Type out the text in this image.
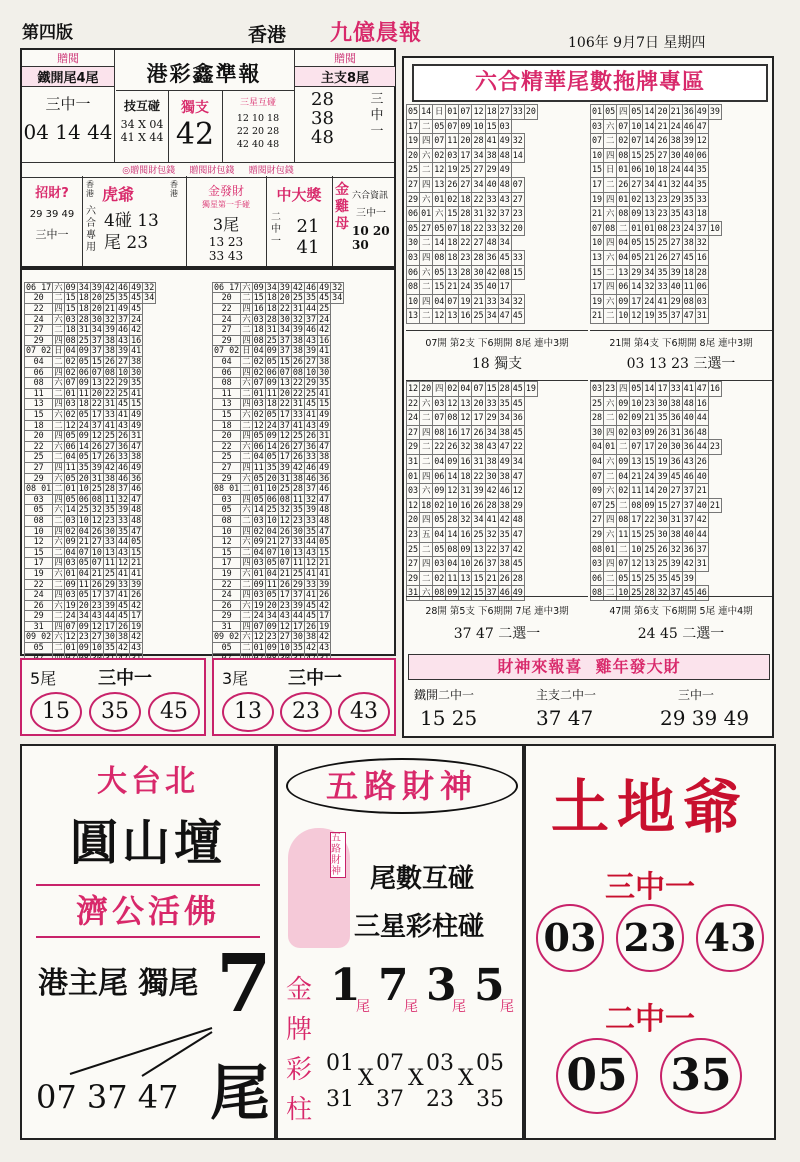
第四版	香港 九億晨報	106年 9月7日 星期四
贈閱
鐵開尾4尾
三中一
04 14 44
港彩鑫準報
技互碰
34 X 04
41 X 44
獨支
42
三星互碰
12 10 18
22 20 28
42 40 48
贈閱
主支8尾
28
38
48
三中一
◎贈閱財包錢     贈閱財包錢     贈閱財包錢
招財?
29 39 49
三中一
香港 虎爺
香港
六合專用
4碰 13
尾 23
金發財
獨星第一手碰
3尾
13 23
33 43
中大獎
二中一
21 41
金雞母
六合資訊
三中一
10 20 30

06 17	六	09	34	39	42	46	49	32
20	二	15	18	20	25	35	45	34
22	四	15	18	20	21	49	45	
24	六	03	28	30	32	37	24	
27	二	18	31	34	39	46	42	
29	四	08	25	37	38	43	16	
07 02	日	04	09	37	38	39	41	
04	二	02	05	15	26	27	38	
06	四	02	06	07	08	10	30	
08	六	07	09	13	22	29	35	
11	二	01	11	20	22	25	41	
13	四	03	18	22	31	45	15	
15	六	02	05	17	33	41	49	
18	二	12	24	37	41	43	49	
20	四	05	09	12	25	26	31	
22	六	06	14	26	27	36	47	
25	二	04	05	17	26	33	38	
27	四	11	35	39	42	46	49	
29	六	05	20	31	38	46	36	
08 01	二	01	10	25	28	37	46	
03	四	05	06	08	11	32	47	
05	六	14	25	32	35	39	48	
08	二	03	10	12	23	33	48	
10	四	02	04	26	30	35	47	
12	六	09	21	27	33	44	05	
15	二	04	07	10	13	43	15	
17	四	03	05	07	11	12	21	
19	六	01	04	21	25	41	41	
22	二	09	11	26	29	33	39	
24	四	03	05	17	37	41	26	
26	六	19	20	23	39	45	42	
29	二	24	34	43	44	45	17	
31	四	07	09	12	17	26	19	
09 02	六	12	23	27	30	38	42	
05	二	01	09	10	35	42	43	

06 17	六	09	34	39	42	46	49	32
20	二	15	18	20	25	35	45	34
22	四	16	18	22	31	44	25	
24	六	03	28	30	32	37	24	
27	二	18	31	34	39	46	42	
29	四	08	25	37	38	43	16	
07 02	日	04	09	37	38	39	41	
04	二	02	05	15	26	27	38	
06	四	02	06	07	08	10	30	
08	六	07	09	13	22	29	35	
11	二	01	11	20	22	25	41	
13	四	03	18	22	31	45	15	
15	六	02	05	17	33	41	49	
18	二	12	24	37	41	43	49	
20	四	05	09	12	25	26	31	
22	六	06	14	26	27	36	47	
25	二	04	05	17	26	33	38	
27	四	11	35	39	42	46	49	
29	六	05	20	31	38	46	36	
08 01	二	01	10	25	28	37	46	
03	四	05	06	08	11	32	47	
05	六	14	25	32	35	39	48	
08	二	03	10	12	23	33	48	
10	四	02	04	26	30	35	47	
12	六	09	21	27	33	44	05	
15	二	04	07	10	13	43	15	
17	四	03	05	07	11	12	21	
19	六	01	04	21	25	41	41	
22	二	09	11	26	29	33	39	
24	四	03	05	17	37	41	26	
26	六	19	20	23	39	45	42	
29	二	24	34	43	44	45	17	
31	四	07	09	12	17	26	19	
09 02	六	12	23	27	30	38	42	
05	二	01	09	10	35	42	43	

5尾 三中一
15	35	45
3尾 三中一
13	23	43
六合精華尾數拖牌專區
05	14	日	01	07	12	18	27	33	20
17	二	05	07	09	10	15	03		
19	四	07	11	20	28	41	49	32	
20	六	02	03	17	34	38	48	14	
25	二	12	19	25	27	29	49		
27	四	13	26	27	34	40	48	07	
29	六	01	02	18	22	33	43	27	
06	01	六	15	28	31	32	37	23	
05	27	05	07	18	22	33	32	20	
30	二	14	18	22	27	48	34		
03	四	08	18	23	28	36	45	33	
06	六	05	13	28	30	42	08	15	
08	二	15	21	24	35	40	17		
10	四	04	07	19	21	33	34	32	
13	二	12	13	16	25	34	47	45	
01	05	四	05	14	20	21	36	49	39
03	六	07	10	14	21	24	46	47	
07	二	02	07	14	26	38	39	12	
10	四	08	15	25	27	30	40	06	
15	日	01	06	10	18	24	44	35	
17	二	26	27	34	41	32	44	35	
19	四	01	02	13	23	29	35	33	
21	六	08	09	13	23	35	43	18	
07	08	二	01	01	08	23	24	37	10
10	四	04	05	15	25	27	38	32	
13	六	04	05	21	26	27	45	16	
15	二	13	29	34	35	39	18	28	
17	四	06	14	32	33	40	11	06	
19	六	09	17	24	41	29	08	03	
21	二	10	12	19	35	37	47	31	
07開 第2支 下6期開 8尾 連中3期
18 獨支
21開 第4支 下6期開 8尾 連中3期
03 13 23 三選一
12	20	四	02	04	07	15	28	45	19
22	六	03	12	13	20	33	35	45	
24	二	07	08	12	17	29	34	36	
27	四	08	16	17	26	34	38	45	
29	二	22	26	32	38	43	47	22	
31	二	04	09	16	31	38	49	34	
01	四	06	14	18	22	30	38	47	
03	六	09	12	31	39	42	46	12	
12	18	02	10	16	26	28	38	29	
20	四	05	28	32	34	41	42	48	
23	五	04	14	16	25	32	35	47	
25	二	05	08	09	13	22	37	42	
27	四	03	04	10	26	37	38	45	
29	二	02	11	13	15	21	26	28	
31	六	08	09	12	15	37	46	49	
03	23	四	05	14	17	33	41	47	16
25	六	09	10	23	30	38	48	16	
28	二	02	09	21	35	36	40	44	
30	四	02	03	09	26	31	36	48	
04	01	二	07	17	20	30	36	44	23
04	六	09	13	15	19	36	43	26	
07	二	04	21	24	39	45	46	40	
09	六	02	11	14	20	27	37	21	
07	25	二	08	09	15	27	37	40	21
27	四	08	17	22	30	31	37	42	
29	六	11	15	25	30	38	40	44	
08	01	二	10	25	26	32	36	37	
03	四	07	12	13	25	39	42	31	
06	二	05	15	25	35	45	39		
08	二	10	25	28	32	37	45	46	
28開 第5支 下6期開 7尾 連中3期
37 47 二選一
47開 第6支 下6期開 5尾 連中4期
24 45 二選一
財神來報喜  雞年發大財
鐵開二中一
15 25
主支二中一
37 47
三中一
29 39 49
大台北
圓山壇
濟公活佛
港主尾 獨尾 7
07 37 47 尾
五路財神
五路財神 尾數互碰
三星彩柱碰
金牌彩柱
1
尾 7
尾 3
尾 5
尾
01
31
X
07
37
X
03
23
X
05
35
土地爺
三中一
03 23 43
二中一
05 35
